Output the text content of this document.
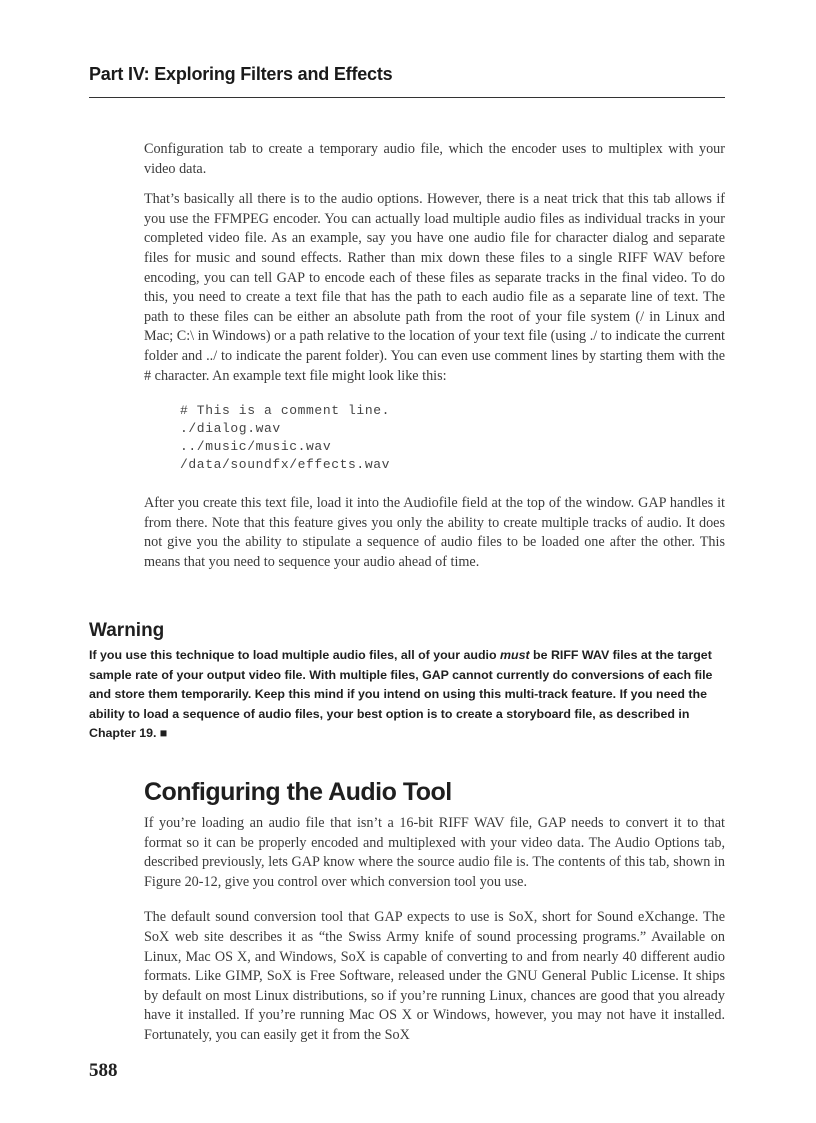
Part IV: Exploring Filters and Effects

Configuration tab to create a temporary audio file, which the encoder uses to multiplex with your video data.

That’s basically all there is to the audio options. However, there is a neat trick that this tab allows if you use the FFMPEG encoder. You can actually load multiple audio files as individual tracks in your completed video file. As an example, say you have one audio file for character dialog and separate files for music and sound effects. Rather than mix down these files to a single RIFF WAV before encoding, you can tell GAP to encode each of these files as separate tracks in the final video. To do this, you need to create a text file that has the path to each audio file as a separate line of text. The path to these files can be either an absolute path from the root of your file system (/ in Linux and Mac; C:\ in Windows) or a path relative to the location of your text file (using ./ to indicate the current folder and ../ to indicate the parent folder). You can even use comment lines by starting them with the # character. An example text file might look like this:

# This is a comment line.
./dialog.wav
../music/music.wav
/data/soundfx/effects.wav

After you create this text file, load it into the Audiofile field at the top of the window. GAP handles it from there. Note that this feature gives you only the ability to create multiple tracks of audio. It does not give you the ability to stipulate a sequence of audio files to be loaded one after the other. This means that you need to sequence your audio ahead of time.

Warning
If you use this technique to load multiple audio files, all of your audio must be RIFF WAV files at the target sample rate of your output video file. With multiple files, GAP cannot currently do conversions of each file and store them temporarily. Keep this mind if you intend on using this multi-track feature. If you need the ability to load a sequence of audio files, your best option is to create a storyboard file, as described in Chapter 19. ■
Configuring the Audio Tool

If you’re loading an audio file that isn’t a 16-bit RIFF WAV file, GAP needs to convert it to that format so it can be properly encoded and multiplexed with your video data. The Audio Options tab, described previously, lets GAP know where the source audio file is. The contents of this tab, shown in Figure 20-12, give you control over which conversion tool you use.

The default sound conversion tool that GAP expects to use is SoX, short for Sound eXchange. The SoX web site describes it as “the Swiss Army knife of sound processing programs.” Available on Linux, Mac OS X, and Windows, SoX is capable of converting to and from nearly 40 different audio formats. Like GIMP, SoX is Free Software, released under the GNU General Public License. It ships by default on most Linux distributions, so if you’re running Linux, chances are good that you already have it installed. If you’re running Mac OS X or Windows, however, you may not have it installed. Fortunately, you can easily get it from the SoX

588
